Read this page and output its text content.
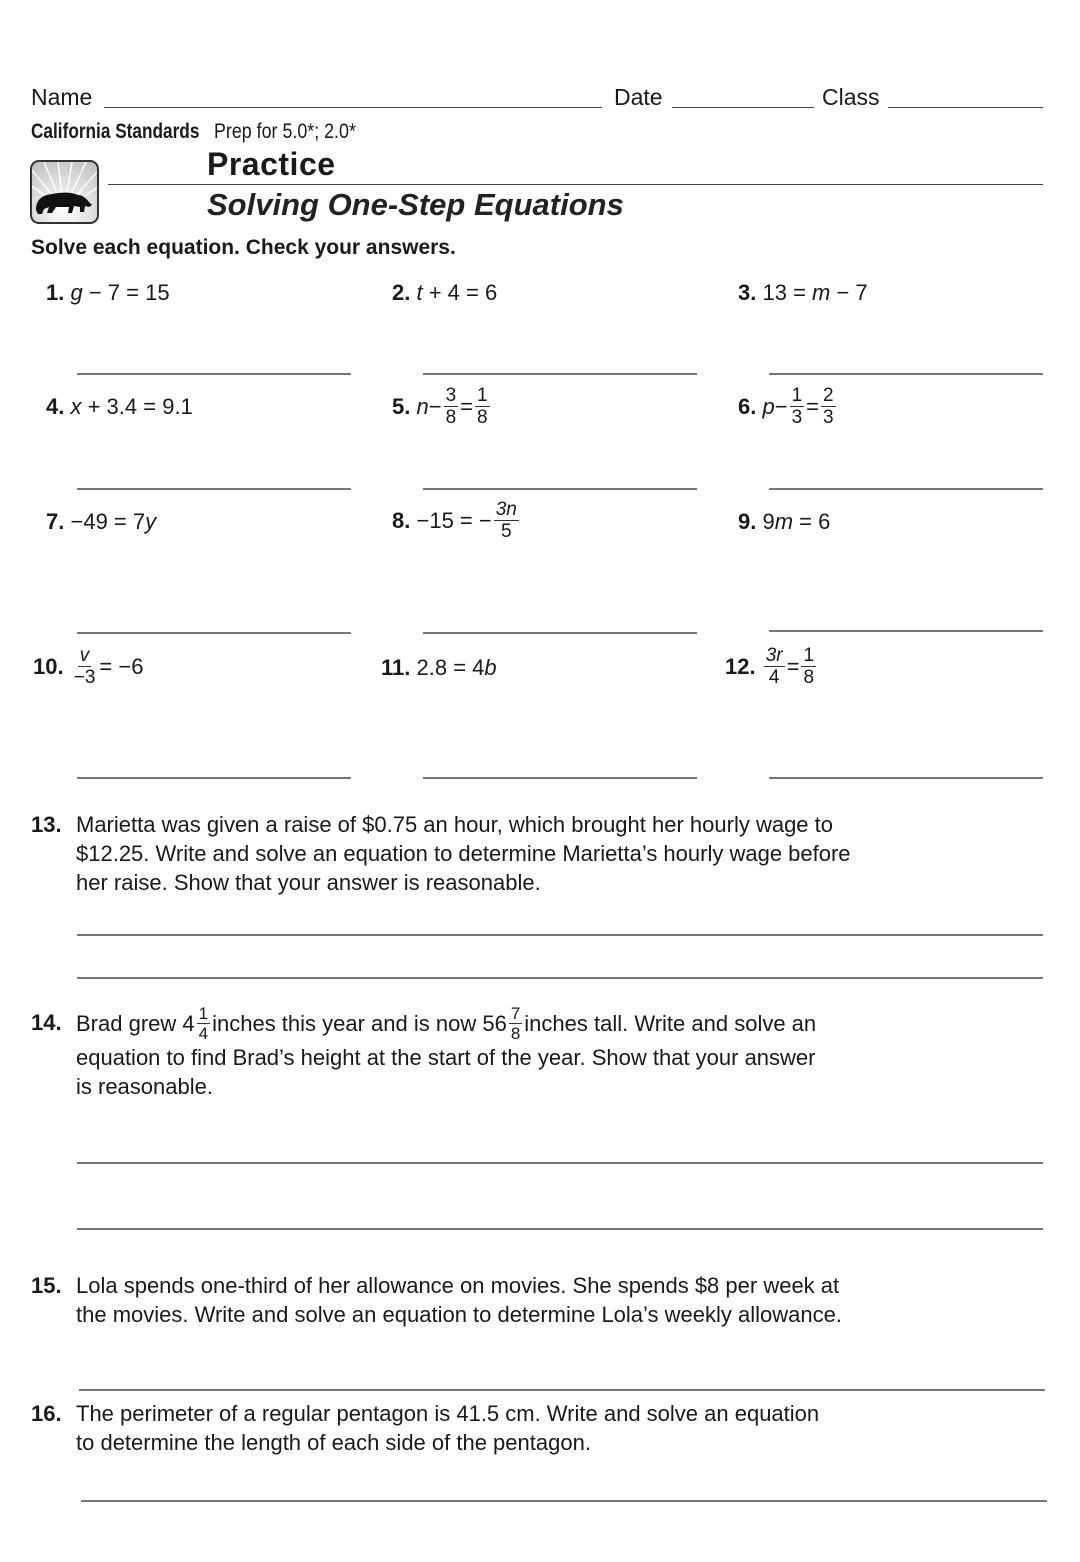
Name	Date	Class
California Standards Prep for 5.0*; 2.0*
Practice
Solving One-Step Equations
Solve each equation. Check your answers.
1. g − 7 = 15	2. t + 4 = 6	3. 13 = m − 7
4. x + 3.4 = 9.1	5. $n- \frac{3}{8} = \frac{1}{8}$	6. $p- \frac{1}{3} = \frac{2}{3}$
7. −49 = 7y	8. −15 = − $\frac{3n}{5}$	9. 9m = 6
10. $\frac{v}{-3} = -6$	11. 2.8 = 4b	12. $\frac{3r}{4} = \frac{1}{8}$
13. Marietta was given a raise of $0.75 an hour, which brought her hourly wage to
$12.25. Write and solve an equation to determine Marietta’s hourly wage before
her raise. Show that your answer is reasonable.
14. Brad grew $4 \frac{1}{4}$ inches this year and is now $56 \frac{7}{8}$ inches tall. Write and solve an
equation to find Brad’s height at the start of the year. Show that your answer
is reasonable.
15. Lola spends one-third of her allowance on movies. She spends $8 per week at
the movies. Write and solve an equation to determine Lola’s weekly allowance.
16. The perimeter of a regular pentagon is 41.5 cm. Write and solve an equation
to determine the length of each side of the pentagon.
